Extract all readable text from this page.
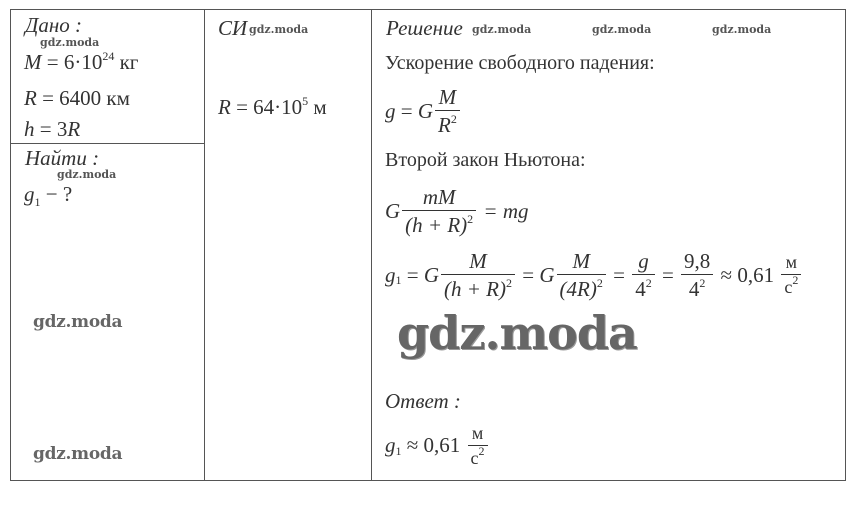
Дано :
gdz.moda
$M = 6\cdot 10^{24}$ кг
R = 6400 км
h = 3R
Найти :
gdz.moda
$g_1$ − ?
gdz.moda
gdz.moda
СИ gdz.moda
$R = 64\cdot 10^5$ м
Решение gdz.moda	gdz.moda	gdz.moda
Ускорение свободного падения:
g = G $\frac{M}{R^2}$
Второй закон Ньютона:
G $\frac{mM}{(h + R)^2}$ = mg
$g_1 = G \frac{M}{(h + R)^2} = G \frac{M}{(4R)^2} = \frac{g}{4^2} = \frac{9,8}{4^2} \approx 0,61 \frac{м}{с^2}$
gdz.moda
Ответ :
$g_1 \approx 0,61 \frac{м}{с^2}$
